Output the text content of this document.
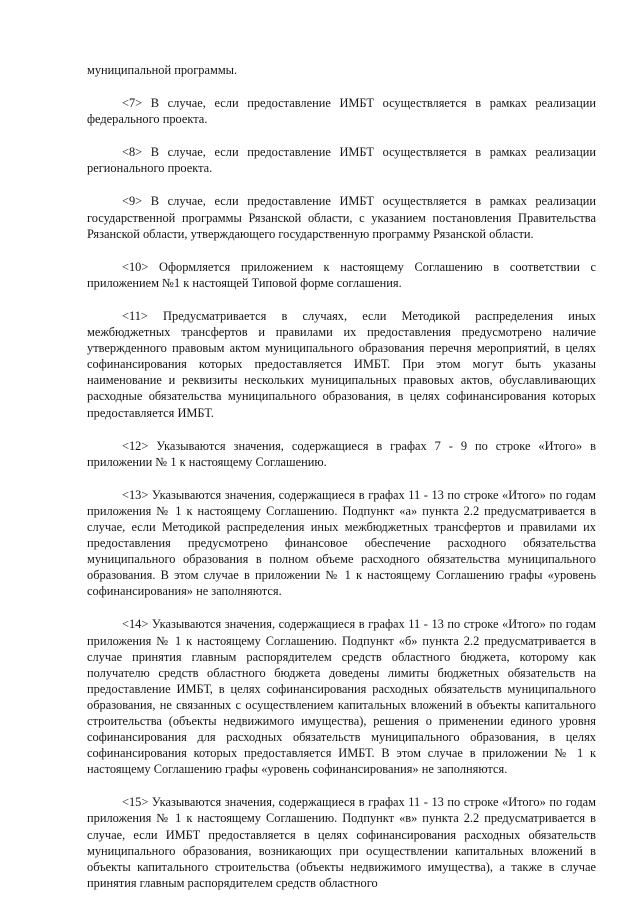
муниципальной программы.

<7> В случае, если предоставление ИМБТ осуществляется в рамках реализации федерального проекта.

<8> В случае, если предоставление ИМБТ осуществляется в рамках реализации регионального проекта.

<9> В случае, если предоставление ИМБТ осуществляется в рамках реализации государственной программы Рязанской области, с указанием постановления Правительства Рязанской области, утверждающего государственную программу Рязанской области.

<10> Оформляется приложением к настоящему Соглашению в соответствии с приложением №1 к настоящей Типовой форме соглашения.

<11> Предусматривается в случаях, если Методикой распределения иных межбюджетных трансфертов и правилами их предоставления предусмотрено наличие утвержденного правовым актом муниципального образования перечня мероприятий, в целях софинансирования которых предоставляется ИМБТ. При этом могут быть указаны наименование и реквизиты нескольких муниципальных правовых актов, обуславливающих расходные обязательства муниципального образования, в целях софинансирования которых предоставляется ИМБТ.

<12> Указываются значения, содержащиеся в графах 7 - 9 по строке «Итого» в приложении № 1 к настоящему Соглашению.

<13> Указываются значения, содержащиеся в графах 11 - 13 по строке «Итого» по годам приложения № 1 к настоящему Соглашению. Подпункт «а» пункта 2.2 предусматривается в случае, если Методикой распределения иных межбюджетных трансфертов и правилами их предоставления предусмотрено финансовое обеспечение расходного обязательства муниципального образования в полном объеме расходного обязательства муниципального образования. В этом случае в приложении № 1 к настоящему Соглашению графы «уровень софинансирования» не заполняются.

<14> Указываются значения, содержащиеся в графах 11 - 13 по строке «Итого» по годам приложения № 1 к настоящему Соглашению. Подпункт «б» пункта 2.2 предусматривается в случае принятия главным распорядителем средств областного бюджета, которому как получателю средств областного бюджета доведены лимиты бюджетных обязательств на предоставление ИМБТ, в целях софинансирования расходных обязательств муниципального образования, не связанных с осуществлением капитальных вложений в объекты капитального строительства (объекты недвижимого имущества), решения о применении единого уровня софинансирования для расходных обязательств муниципального образования, в целях софинансирования которых предоставляется ИМБТ. В этом случае в приложении № 1 к настоящему Соглашению графы «уровень софинансирования» не заполняются.

<15> Указываются значения, содержащиеся в графах 11 - 13 по строке «Итого» по годам приложения № 1 к настоящему Соглашению. Подпункт «в» пункта 2.2 предусматривается в случае, если ИМБТ предоставляется в целях софинансирования расходных обязательств муниципального образования, возникающих при осуществлении капитальных вложений в объекты капитального строительства (объекты недвижимого имущества), а также в случае принятия главным распорядителем средств областного
